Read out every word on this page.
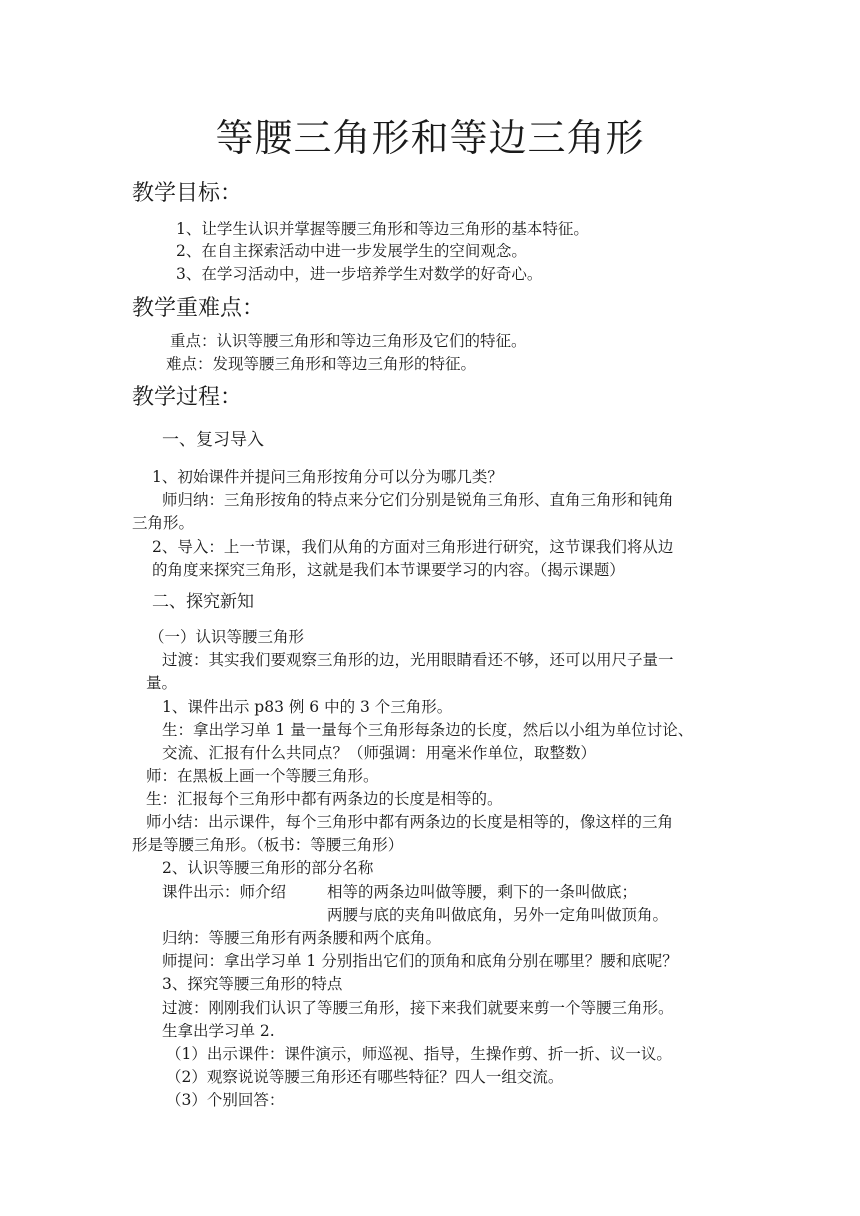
等腰三角形和等边三角形
教学目标：
1、让学生认识并掌握等腰三角形和等边三角形的基本特征。
2、在自主探索活动中进一步发展学生的空间观念。
3、在学习活动中，进一步培养学生对数学的好奇心。
教学重难点：
重点：认识等腰三角形和等边三角形及它们的特征。
难点：发现等腰三角形和等边三角形的特征。
教学过程：
一、复习导入
1、初始课件并提问三角形按角分可以分为哪几类？
师归纳：三角形按角的特点来分它们分别是锐角三角形、直角三角形和钝角
三角形。
2、导入：上一节课，我们从角的方面对三角形进行研究，这节课我们将从边
的角度来探究三角形，这就是我们本节课要学习的内容。（揭示课题）
二、探究新知
（一）认识等腰三角形
过渡：其实我们要观察三角形的边，光用眼睛看还不够，还可以用尺子量一
量。
1、课件出示 p83 例 6 中的 3 个三角形。
生：拿出学习单 1 量一量每个三角形每条边的长度，然后以小组为单位讨论、
交流、汇报有什么共同点？（师强调：用毫米作单位，取整数）
师：在黑板上画一个等腰三角形。
生：汇报每个三角形中都有两条边的长度是相等的。
师小结：出示课件，每个三角形中都有两条边的长度是相等的，像这样的三角
形是等腰三角形。（板书：等腰三角形）
2、认识等腰三角形的部分名称
课件出示：师介绍	相等的两条边叫做等腰，剩下的一条叫做底；
两腰与底的夹角叫做底角，另外一定角叫做顶角。
归纳：等腰三角形有两条腰和两个底角。
师提问：拿出学习单 1 分别指出它们的顶角和底角分别在哪里？腰和底呢？
3、探究等腰三角形的特点
过渡：刚刚我们认识了等腰三角形，接下来我们就要来剪一个等腰三角形。
生拿出学习单 2.
（1）出示课件：课件演示，师巡视、指导，生操作剪、折一折、议一议。
（2）观察说说等腰三角形还有哪些特征？四人一组交流。
（3）个别回答：
